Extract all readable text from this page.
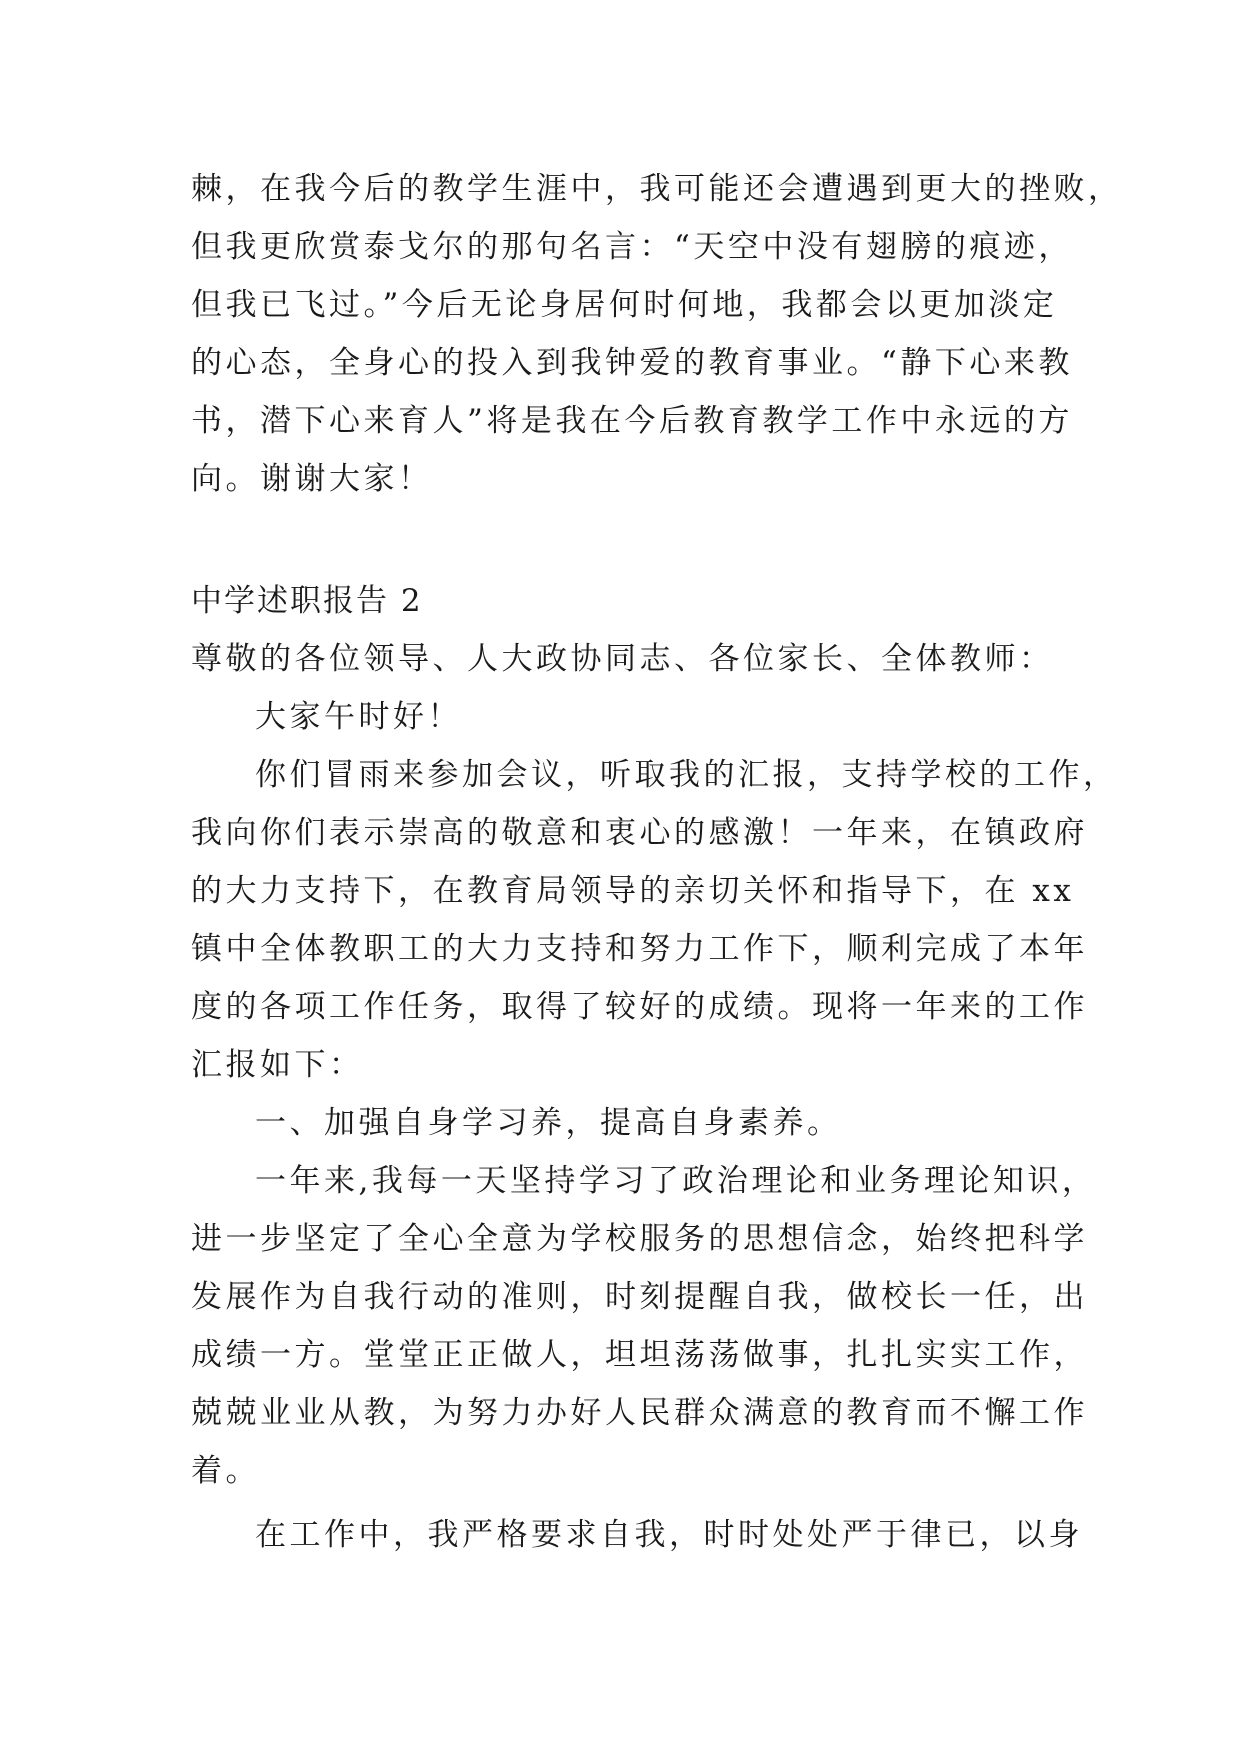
棘，在我今后的教学生涯中，我可能还会遭遇到更大的挫败，
但我更欣赏泰戈尔的那句名言：“天空中没有翅膀的痕迹，
但我已飞过。”今后无论身居何时何地，我都会以更加淡定
的心态，全身心的投入到我钟爱的教育事业。“静下心来教
书，潜下心来育人”将是我在今后教育教学工作中永远的方
向。谢谢大家！
中学述职报告 2
尊敬的各位领导、人大政协同志、各位家长、全体教师：
大家午时好！
你们冒雨来参加会议，听取我的汇报，支持学校的工作，
我向你们表示崇高的敬意和衷心的感激！一年来，在镇政府
的大力支持下，在教育局领导的亲切关怀和指导下，在 xx
镇中全体教职工的大力支持和努力工作下，顺利完成了本年
度的各项工作任务，取得了较好的成绩。现将一年来的工作
汇报如下：
一、加强自身学习养，提高自身素养。
一年来,我每一天坚持学习了政治理论和业务理论知识，
进一步坚定了全心全意为学校服务的思想信念，始终把科学
发展作为自我行动的准则，时刻提醒自我，做校长一任，出
成绩一方。堂堂正正做人，坦坦荡荡做事，扎扎实实工作，
兢兢业业从教，为努力办好人民群众满意的教育而不懈工作
着。
在工作中，我严格要求自我，时时处处严于律已，以身
